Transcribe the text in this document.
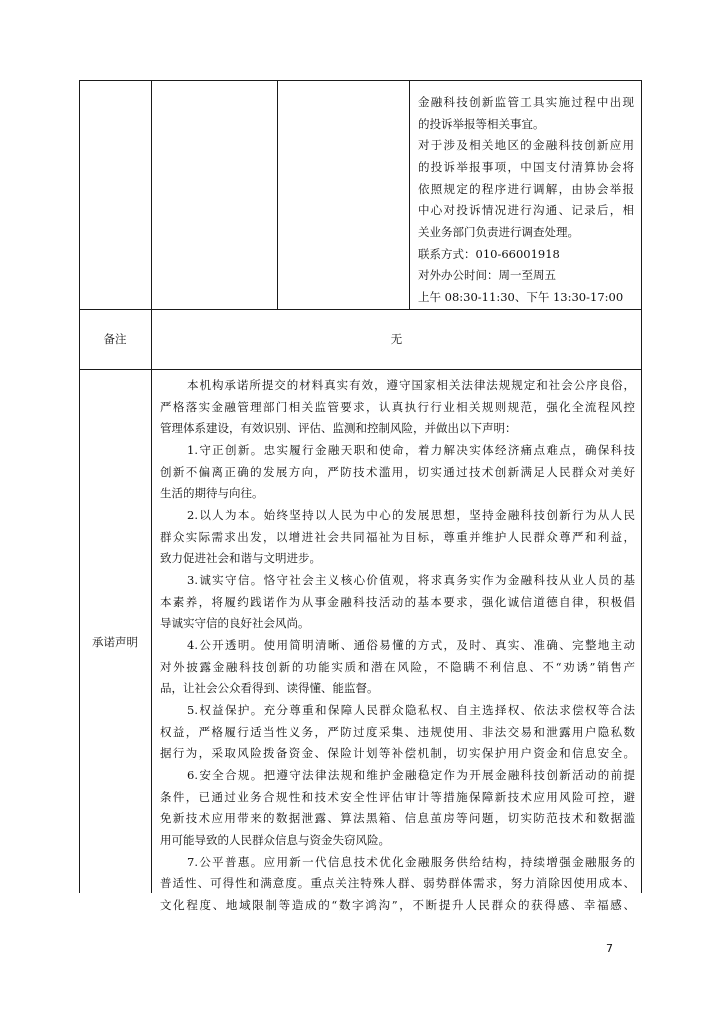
金融科技创新监管工具实施过程中出现
的投诉举报等相关事宜。
对于涉及相关地区的金融科技创新应用
的投诉举报事项，中国支付清算协会将
依照规定的程序进行调解，由协会举报
中心对投诉情况进行沟通、记录后，相
关业务部门负责进行调查处理。
联系方式：010-66001918
对外办公时间：周一至周五
上午 08:30-11:30、下午 13:30-17:00
备注	无
承诺声明
本机构承诺所提交的材料真实有效，遵守国家相关法律法规规定和社会公序良俗，
严格落实金融管理部门相关监管要求，认真执行行业相关规则规范，强化全流程风控
管理体系建设，有效识别、评估、监测和控制风险，并做出以下声明：
1.守正创新。忠实履行金融天职和使命，着力解决实体经济痛点难点，确保科技
创新不偏离正确的发展方向，严防技术滥用，切实通过技术创新满足人民群众对美好
生活的期待与向往。
2.以人为本。始终坚持以人民为中心的发展思想，坚持金融科技创新行为从人民
群众实际需求出发，以增进社会共同福祉为目标，尊重并维护人民群众尊严和利益，
致力促进社会和谐与文明进步。
3.诚实守信。恪守社会主义核心价值观，将求真务实作为金融科技从业人员的基
本素养，将履约践诺作为从事金融科技活动的基本要求，强化诚信道德自律，积极倡
导诚实守信的良好社会风尚。
4.公开透明。使用简明清晰、通俗易懂的方式，及时、真实、准确、完整地主动
对外披露金融科技创新的功能实质和潜在风险，不隐瞒不利信息、不“劝诱”销售产
品，让社会公众看得到、读得懂、能监督。
5.权益保护。充分尊重和保障人民群众隐私权、自主选择权、依法求偿权等合法
权益，严格履行适当性义务，严防过度采集、违规使用、非法交易和泄露用户隐私数
据行为，采取风险拨备资金、保险计划等补偿机制，切实保护用户资金和信息安全。
6.安全合规。把遵守法律法规和维护金融稳定作为开展金融科技创新活动的前提
条件，已通过业务合规性和技术安全性评估审计等措施保障新技术应用风险可控，避
免新技术应用带来的数据泄露、算法黑箱、信息茧房等问题，切实防范技术和数据滥
用可能导致的人民群众信息与资金失窃风险。
7.公平普惠。应用新一代信息技术优化金融服务供给结构，持续增强金融服务的
普适性、可得性和满意度。重点关注特殊人群、弱势群体需求，努力消除因使用成本、
文化程度、地域限制等造成的“数字鸿沟”，不断提升人民群众的获得感、幸福感、
7
